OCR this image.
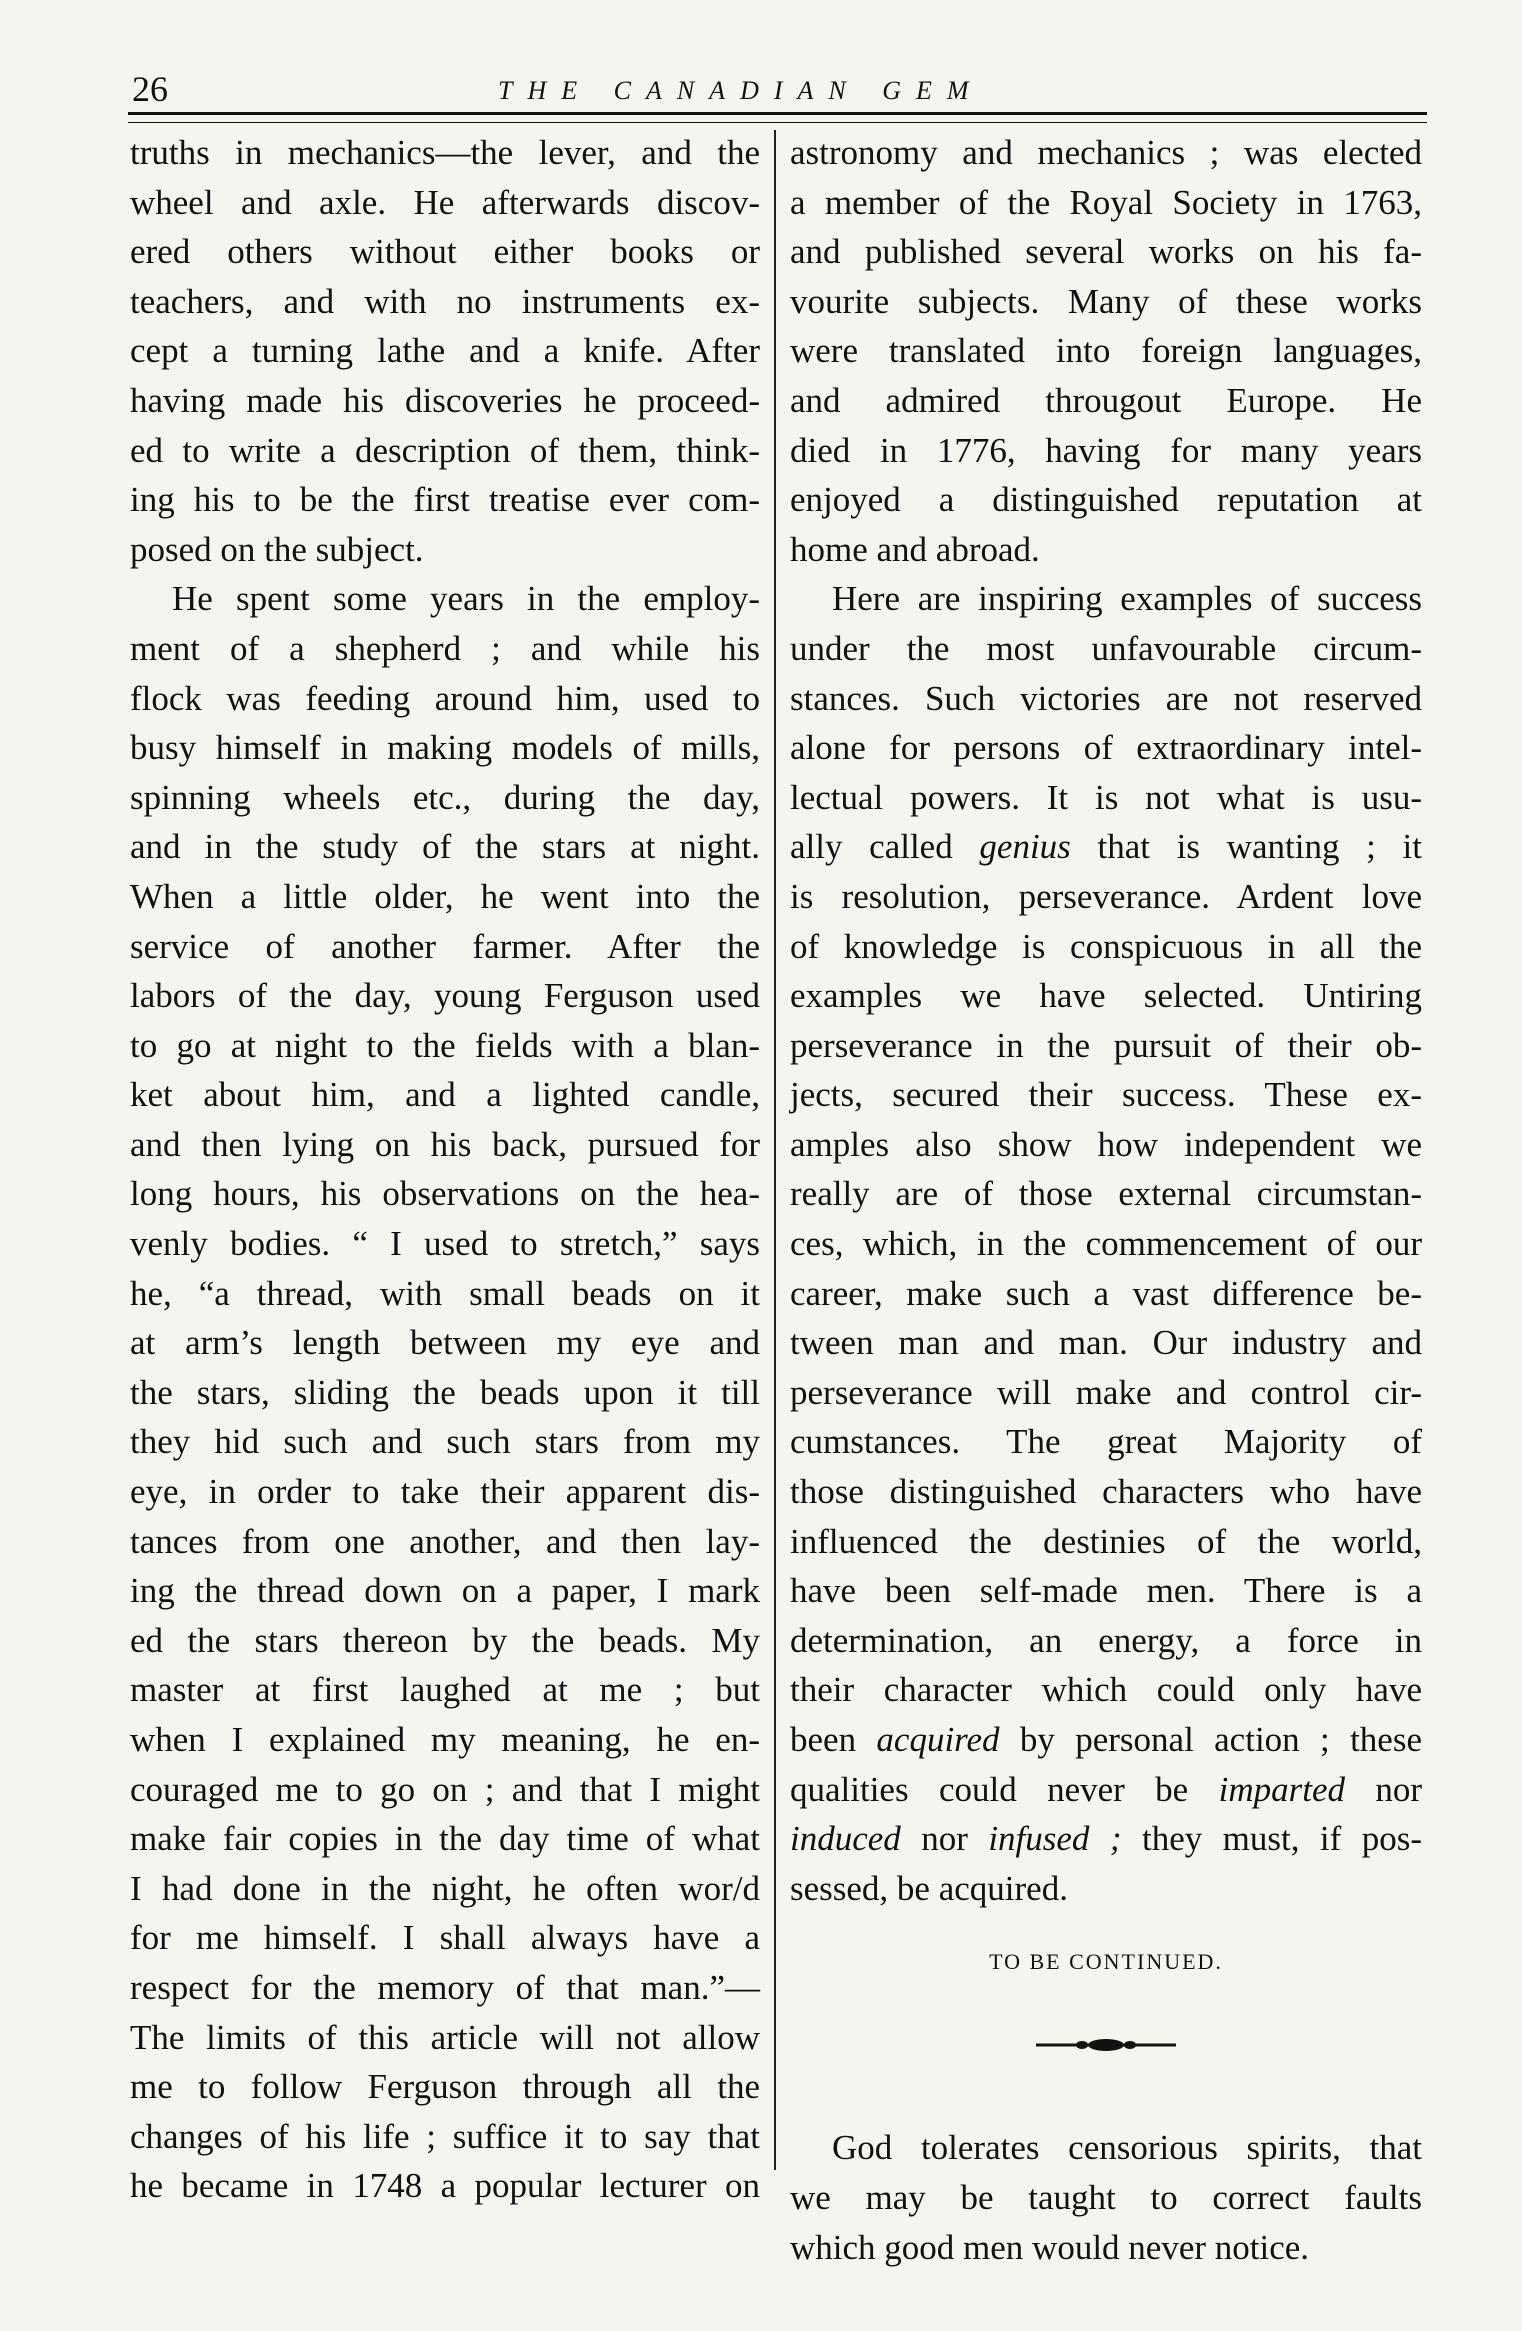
26	THE CANADIAN GEM

truths in mechanics—the lever, and the
wheel and axle. He afterwards discov-
ered others without either books or
teachers, and with no instruments ex-
cept a turning lathe and a knife. After
having made his discoveries he proceed-
ed to write a description of them, think-
ing his to be the first treatise ever com-
posed on the subject.

He spent some years in the employ-
ment of a shepherd ; and while his
flock was feeding around him, used to
busy himself in making models of mills,
spinning wheels etc., during the day,
and in the study of the stars at night.
When a little older, he went into the
service of another farmer. After the
labors of the day, young Ferguson used
to go at night to the fields with a blan-
ket about him, and a lighted candle,
and then lying on his back, pursued for
long hours, his observations on the hea-
venly bodies. “ I used to stretch,” says
he, “a thread, with small beads on it
at arm’s length between my eye and
the stars, sliding the beads upon it till
they hid such and such stars from my
eye, in order to take their apparent dis-
tances from one another, and then lay-
ing the thread down on a paper, I mark
ed the stars thereon by the beads. My
master at first laughed at me ; but
when I explained my meaning, he en-
couraged me to go on ; and that I might
make fair copies in the day time of what
I had done in the night, he often wor/d
for me himself. I shall always have a
respect for the memory of that man.”—
The limits of this article will not allow
me to follow Ferguson through all the
changes of his life ; suffice it to say that
he became in 1748 a popular lecturer on

astronomy and mechanics ; was elected
a member of the Royal Society in 1763,
and published several works on his fa-
vourite subjects. Many of these works
were translated into foreign languages,
and admired througout Europe. He
died in 1776, having for many years
enjoyed a distinguished reputation at
home and abroad.

Here are inspiring examples of success
under the most unfavourable circum-
stances. Such victories are not reserved
alone for persons of extraordinary intel-
lectual powers. It is not what is usu-
ally called genius that is wanting ; it
is resolution, perseverance. Ardent love
of knowledge is conspicuous in all the
examples we have selected. Untiring
perseverance in the pursuit of their ob-
jects, secured their success. These ex-
amples also show how independent we
really are of those external circumstan-
ces, which, in the commencement of our
career, make such a vast difference be-
tween man and man. Our industry and
perseverance will make and control cir-
cumstances. The great Majority of
those distinguished characters who have
influenced the destinies of the world,
have been self-made men. There is a
determination, an energy, a force in
their character which could only have
been acquired by personal action ; these
qualities could never be imparted nor
induced nor infused ; they must, if pos-
sessed, be acquired.

TO BE CONTINUED.

God tolerates censorious spirits, that
we may be taught to correct faults
which good men would never notice.
